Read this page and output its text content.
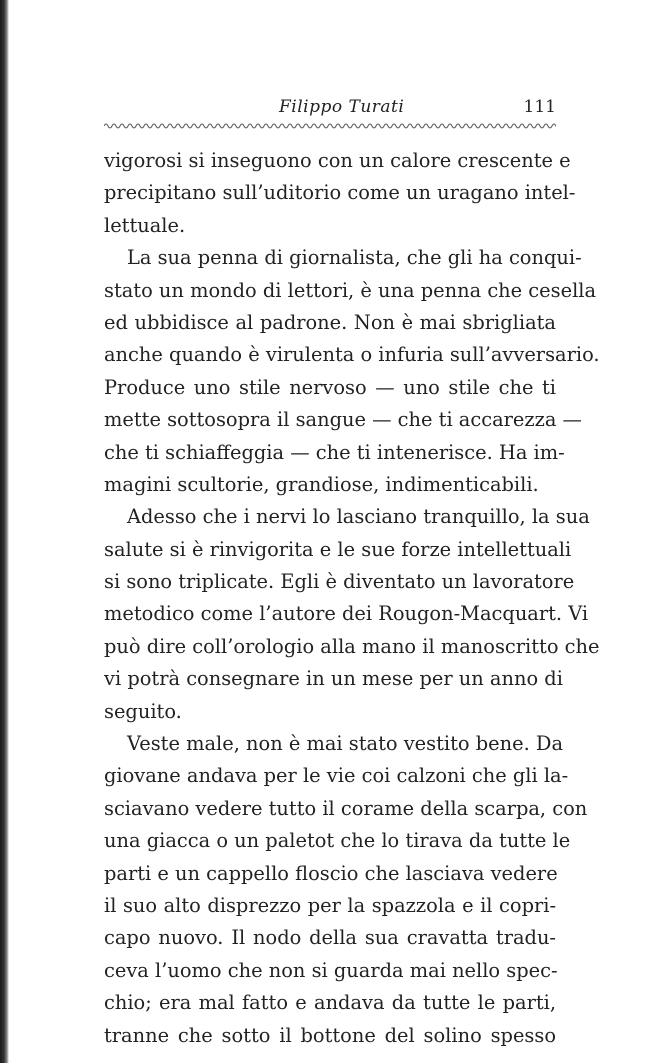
Filippo Turati	111
vigorosi si inseguono con un calore crescente e
precipitano sull’uditorio come un uragano intel-
lettuale.
La sua penna di giornalista, che gli ha conqui-
stato un mondo di lettori, è una penna che cesella
ed ubbidisce al padrone. Non è mai sbrigliata
anche quando è virulenta o infuria sull’avversario.
Produce uno stile nervoso — uno stile che ti
mette sottosopra il sangue — che ti accarezza —
che ti schiaffeggia — che ti intenerisce. Ha im-
magini scultorie, grandiose, indimenticabili.
Adesso che i nervi lo lasciano tranquillo, la sua
salute si è rinvigorita e le sue forze intellettuali
si sono triplicate. Egli è diventato un lavoratore
metodico come l’autore dei Rougon-Macquart. Vi
può dire coll’orologio alla mano il manoscritto che
vi potrà consegnare in un mese per un anno di
seguito.
Veste male, non è mai stato vestito bene. Da
giovane andava per le vie coi calzoni che gli la-
sciavano vedere tutto il corame della scarpa, con
una giacca o un paletot che lo tirava da tutte le
parti e un cappello floscio che lasciava vedere
il suo alto disprezzo per la spazzola e il copri-
capo nuovo. Il nodo della sua cravatta tradu-
ceva l’uomo che non si guarda mai nello spec-
chio; era mal fatto e andava da tutte le parti,
tranne che sotto il bottone del solino spesso
